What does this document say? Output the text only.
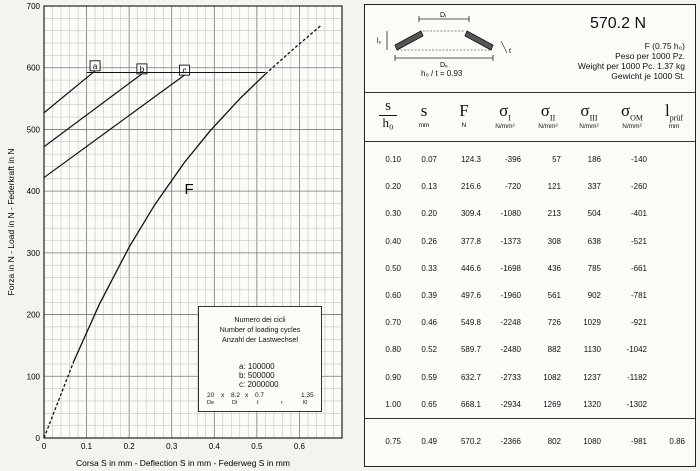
0	0.1	0.2	0.3	0.4	0.5	0.6
0
100
200
300
400
500
600
700
Corsa S in mm - Deflection S in mm - Federweg S in mm
Forza in N - Load in N - Federkraft in N	F
a	b	c
Numero dei cicli
Number of loading cycles
Anzahl der Lastwechsel
a: 100000
b: 500000
c: 2000000
20 x 8.2 x 0.7	1.35
De	Di	t	r	l0
Dᵢ
Dₑ
l₀
t
h₀ / t = 0.93
570.2 N
F (0.75 h₀)
Peso per 1000 Pz.
Weight per 1000 Pc. 1.37 kg
Gewicht je 1000 St.
s
h₀
s
mm
F
N
$\sigma_I$
N/mm²
$\sigma_{II}$
N/mm²
$\sigma_{III}$
N/mm²
$\sigma_{OM}$
N/mm²
$l_{prüf}$
mm
0.10	0.07	124.3	-396	57	186	-140
0.20	0.13	216.6	-720	121	337	-260
0.30	0.20	309.4	-1080	213	504	-401
0.40	0.26	377.8	-1373	308	638	-521
0.50	0.33	446.6	-1698	436	785	-661
0.60	0.39	497.6	-1960	561	902	-781
0.70	0.46	549.8	-2248	726	1029	-921
0.80	0.52	589.7	-2480	882	1130	-1042
0.90	0.59	632.7	-2733	1082	1237	-1182
1.00	0.65	668.1	-2934	1269	1320	-1302
0.75	0.49	570.2	-2366	802	1080	-981	0.86
